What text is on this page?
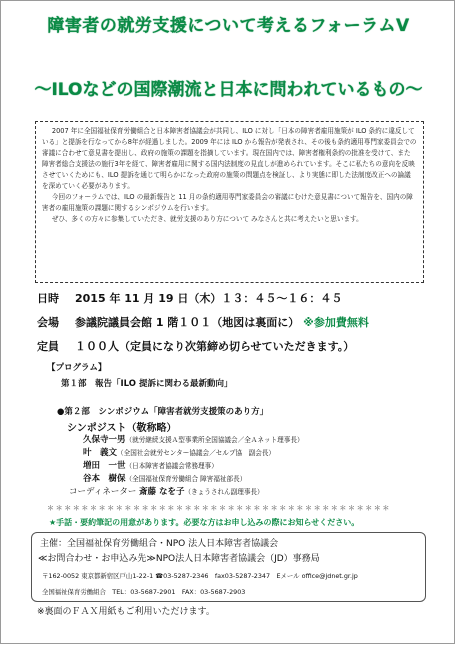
障害者の就労支援について考えるフォーラムⅤ
～ILOなどの国際潮流と日本に問われているもの～

2007 年に全国福祉保育労働組合と日本障害者協議会が共同し、ILO に対し「日本の障害者雇用施策が ILO 条約に違反している」と提訴を行なってから8年が経過しました。2009 年には ILO から報告が発表され、その後も条約適用専門家委員会での審議に合わせて意見書を提出し、政府の施策の課題を指摘しています。現在国内では、障害者権利条約の批准を受けて、また障害者総合支援法の施行3年を経て、障害者雇用に関する国内法制度の見直しが進められています。そこに私たちの意向を反映させていくためにも、ILO 提訴を通じて明らかになった政府の施策の問題点を検証し、より実態に即した法制度改正への論議を深めていく必要があります。

今回のフォーラムでは、ILO の最新報告と 11 月の条約適用専門家委員会の審議にむけた意見書について報告を、国内の障害者の雇用施策の課題に関するシンポジウムを行います。

ぜひ、多くの方々に参集していただき、就労支援のあり方について みなさんと共に考えたいと思います。

日時 2015 年 11 月 19 日（木）１３：４５～１６：４５
会場 参議院議員会館 1 階１０１（地図は裏面に） ※参加費無料
定員 １００人（定員になり次第締め切らせていただきます。）
【プログラム】
第１部　報告「ILO 提訴に関わる最新動向」
●第２部　シンポジウム「障害者就労支援策のあり方」
シンポジスト（敬称略）
久保寺一男（就労継続支援Ａ型事業所全国協議会／全Ａネット理事長）
叶　義文（全国社会就労センター協議会／セルプ協　副会長）
増田　一世（日本障害者協議会常務理事）
谷本　樹保（全国福祉保育労働組合 障害福祉部長）
コーディネーター 斎藤 なを子（きょうされん副理事長）
＊＊＊＊＊＊＊＊＊＊＊＊＊＊＊＊＊＊＊＊＊＊＊＊＊＊＊＊＊＊＊＊＊＊＊＊＊＊＊＊
★手話・要約筆記の用意があります。必要な方はお申し込みの際にお知らせください。
主催：全国福祉保育労働組合・NPO 法人日本障害者協議会
≪お問合わせ・お申込み先≫NPO法人日本障害者協議会（JD）事務局
〒162-0052 東京都新宿区戸山1-22-1 ☎03-5287-2346　fax03-5287-2347　Eメール office@jdnet.gr.jp
全国福祉保育労働組合　TEL：03-5687-2901　FAX：03-5687-2903
※裏面のＦＡＸ用紙もご利用いただけます。
